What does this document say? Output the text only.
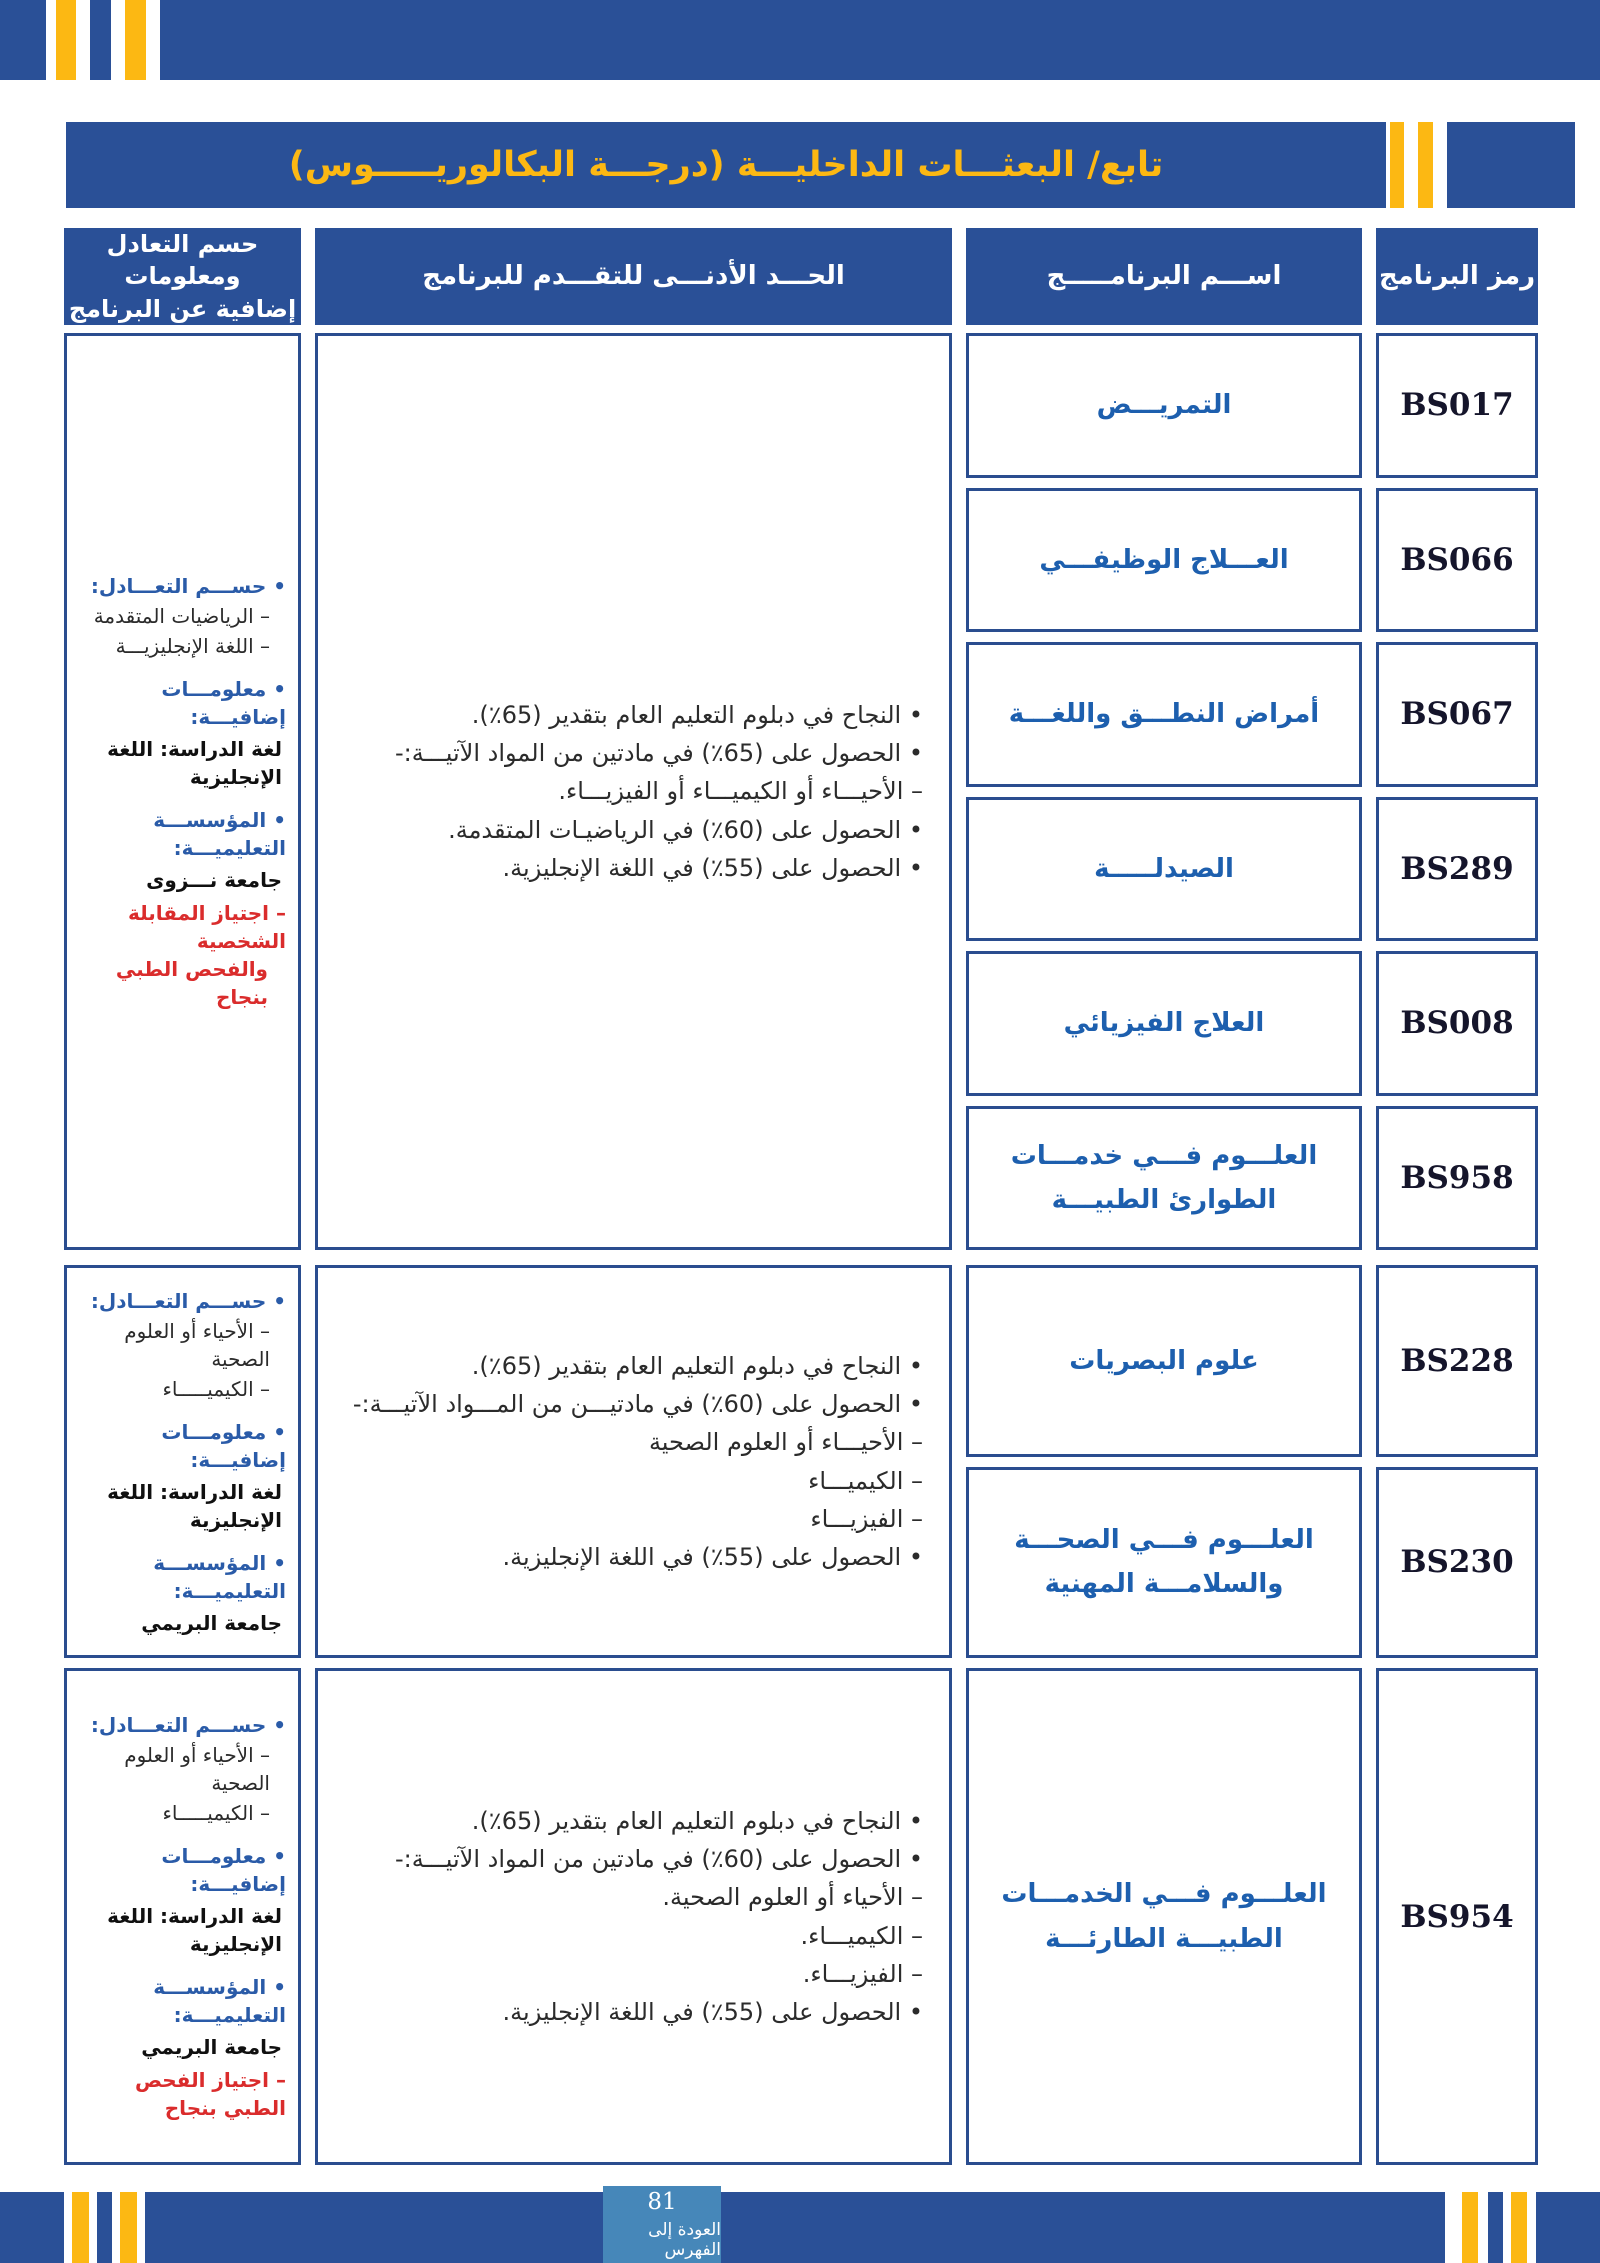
تابع/ البعثـــات الداخليـــة (درجـــة البكالوريـــــوس)
رمز البرنامج
اســـم البرنامـــــج
الحـــد الأدنـــى للتقـــدم للبرنامج
حسم التعادل ومعلومات
إضافية عن البرنامج
BS017
التمريـــض
BS066
العـــلاج الوظيفـــي
BS067
أمراض النطـــق واللغـــة
BS289
الصيدلـــــة
BS008
العلاج الفيزيائي
BS958
العلـــوم فـــي خدمـــات الطوارئ الطبيـــة
• النجاح في دبلوم التعليم العام بتقدير (65٪).
• الحصول على (65٪) في مادتين من المواد الآتيـــة:-
– الأحيـــاء أو الكيميـــاء أو الفيزيـــاء.
• الحصول على (60٪) في الرياضيـات المتقدمة.
• الحصول على (55٪) في اللغة الإنجليزية.
• حســـم التعـــادل:
– الرياضيات المتقدمة
– اللغة الإنجليزيـــة
• معلومـــات إضافيـــة:
لغة الدراسة: اللغة الإنجليزية
• المؤسســـة التعليميـــة:
جامعة نـــزوى
– اجتياز المقابلة الشخصية
والفحص الطبي بنجاح
BS228
علوم البصريات
BS230
العلـــوم فـــي الصحـــة والسلامـــة المهنية
• النجاح في دبلوم التعليم العام بتقدير (65٪).
• الحصول على (60٪) في مادتيـــن من المـــواد الآتيـــة:-
– الأحيـــاء أو العلوم الصحية
– الكيميـــاء
– الفيزيـــاء
• الحصول على (55٪) في اللغة الإنجليزية.
• حســـم التعـــادل:
– الأحياء أو العلوم الصحية
– الكيميـــــاء
• معلومـــات إضافيـــة:
لغة الدراسة: اللغة الإنجليزية
• المؤسســـة التعليميـــة:
جامعة البريمي
BS954
العلـــوم فـــي الخدمـــات الطبيـــة الطارئـــة
• النجاح في دبلوم التعليم العام بتقدير (65٪).
• الحصول على (60٪) في مادتين من المواد الآتيـــة:-
– الأحياء أو العلوم الصحية.
– الكيميـــاء.
– الفيزيـــاء.
• الحصول على (55٪) في اللغة الإنجليزية.
• حســـم التعـــادل:
– الأحياء أو العلوم الصحية
– الكيميـــــاء
• معلومـــات إضافيـــة:
لغة الدراسة: اللغة الإنجليزية
• المؤسســـة التعليميـــة:
جامعة البريمي
– اجتياز الفحص الطبي بنجاح
81
العودة إلى الفهرس
